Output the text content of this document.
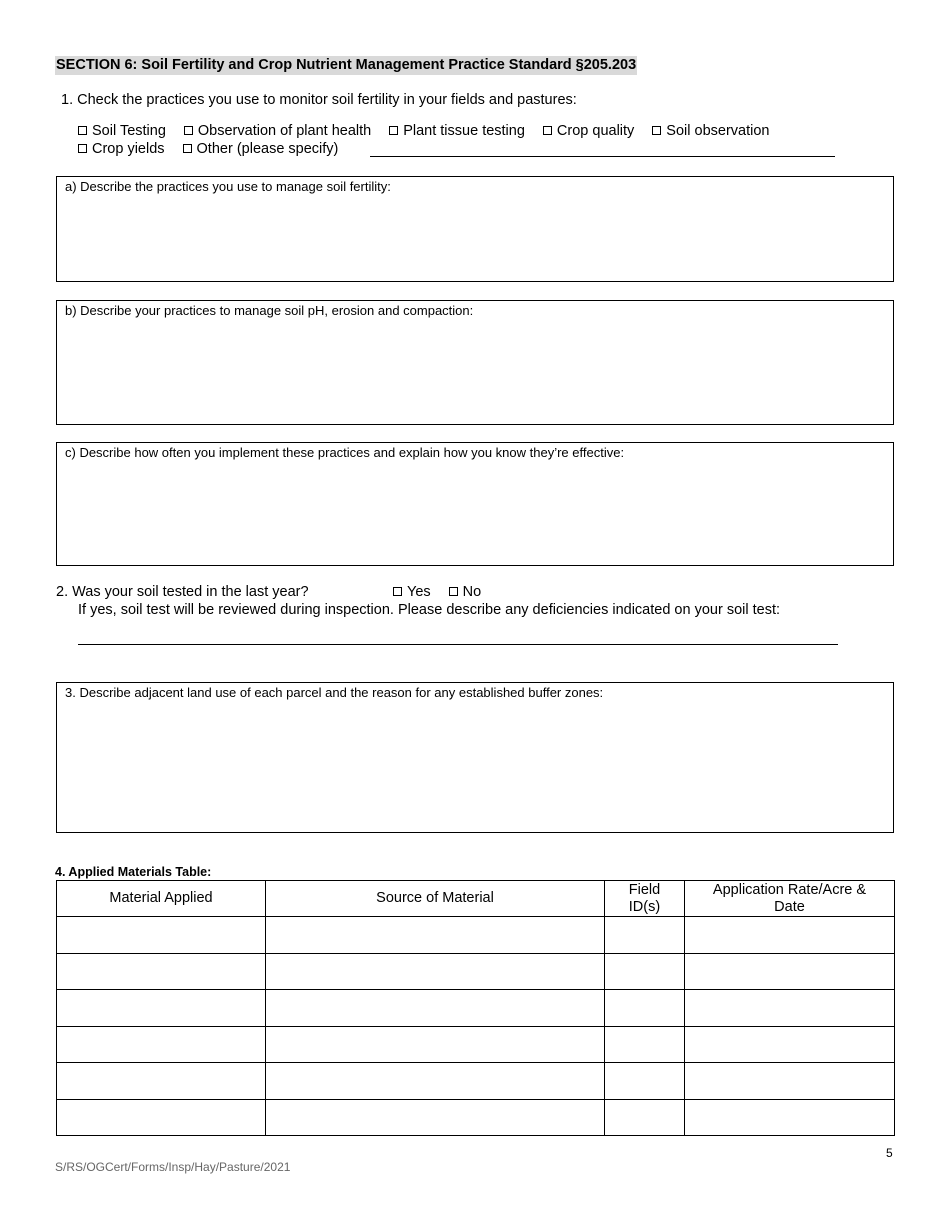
SECTION 6: Soil Fertility and Crop Nutrient Management Practice Standard §205.203
1. Check the practices you use to monitor soil fertility in your fields and pastures:
Soil Testing Observation of plant health Plant tissue testing Crop quality Soil observation
Crop yields Other (please specify)
a) Describe the practices you use to manage soil fertility:
b) Describe your practices to manage soil pH, erosion and compaction:
c) Describe how often you implement these practices and explain how you know they’re effective:
2. Was your soil tested in the last year?	Yes No
If yes, soil test will be reviewed during inspection. Please describe any deficiencies indicated on your soil test:
3. Describe adjacent land use of each parcel and the reason for any established buffer zones:
4. Applied Materials Table:
Material Applied	Source of Material	Field ID(s)	Application Rate/Acre & Date

5
S/RS/OGCert/Forms/Insp/Hay/Pasture/2021
